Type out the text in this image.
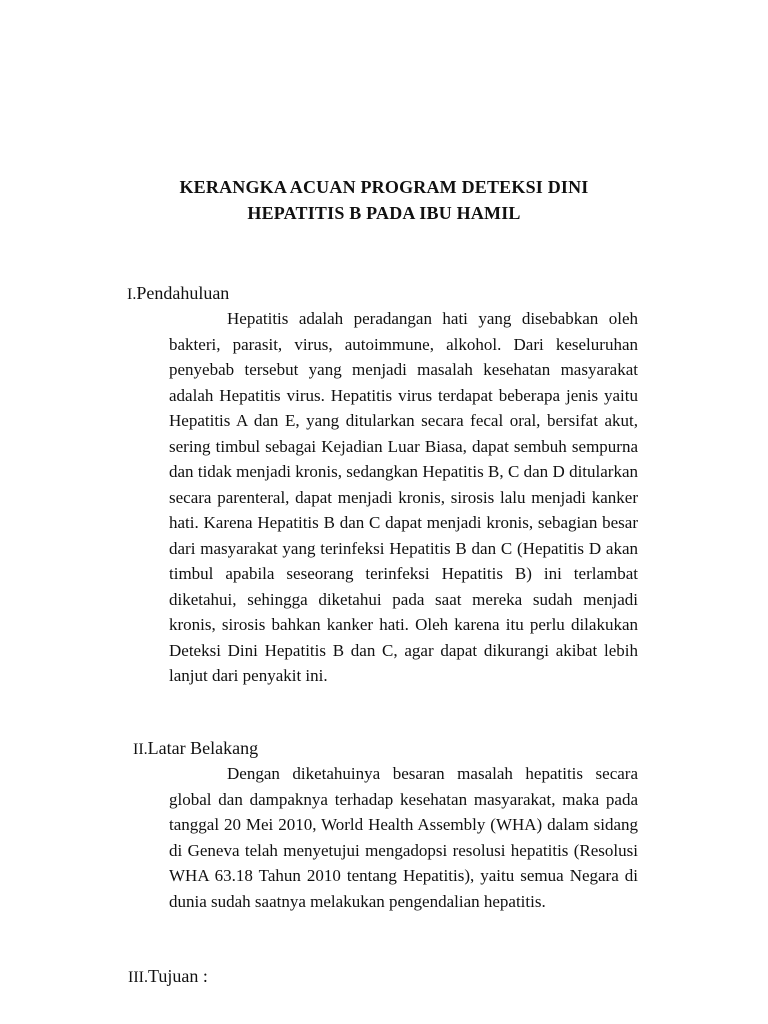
KERANGKA ACUAN PROGRAM DETEKSI DINI
HEPATITIS B PADA IBU HAMIL
I.Pendahuluan

Hepatitis adalah peradangan hati yang disebabkan oleh bakteri, parasit, virus, autoimmune, alkohol. Dari keseluruhan penyebab tersebut yang menjadi masalah kesehatan masyarakat adalah Hepatitis virus. Hepatitis virus terdapat beberapa jenis yaitu Hepatitis A dan E, yang ditularkan secara fecal oral, bersifat akut, sering timbul sebagai Kejadian Luar Biasa, dapat sembuh sempurna dan tidak menjadi kronis, sedangkan Hepatitis B, C dan D ditularkan secara parenteral, dapat menjadi kronis, sirosis lalu menjadi kanker hati. Karena Hepatitis B dan C dapat menjadi kronis, sebagian besar dari masyarakat yang terinfeksi Hepatitis B dan C (Hepatitis D akan timbul apabila seseorang terinfeksi Hepatitis B) ini terlambat diketahui, sehingga diketahui pada saat mereka sudah menjadi kronis, sirosis bahkan kanker hati. Oleh karena itu perlu dilakukan Deteksi Dini Hepatitis B dan C, agar dapat dikurangi akibat lebih lanjut dari penyakit ini.

II.Latar Belakang

Dengan diketahuinya besaran masalah hepatitis secara global dan dampaknya terhadap kesehatan masyarakat, maka pada tanggal 20 Mei 2010, World Health Assembly (WHA) dalam sidang di Geneva telah menyetujui mengadopsi resolusi hepatitis (Resolusi WHA 63.18 Tahun 2010 tentang Hepatitis), yaitu semua Negara di dunia sudah saatnya melakukan pengendalian hepatitis.

III.Tujuan :
